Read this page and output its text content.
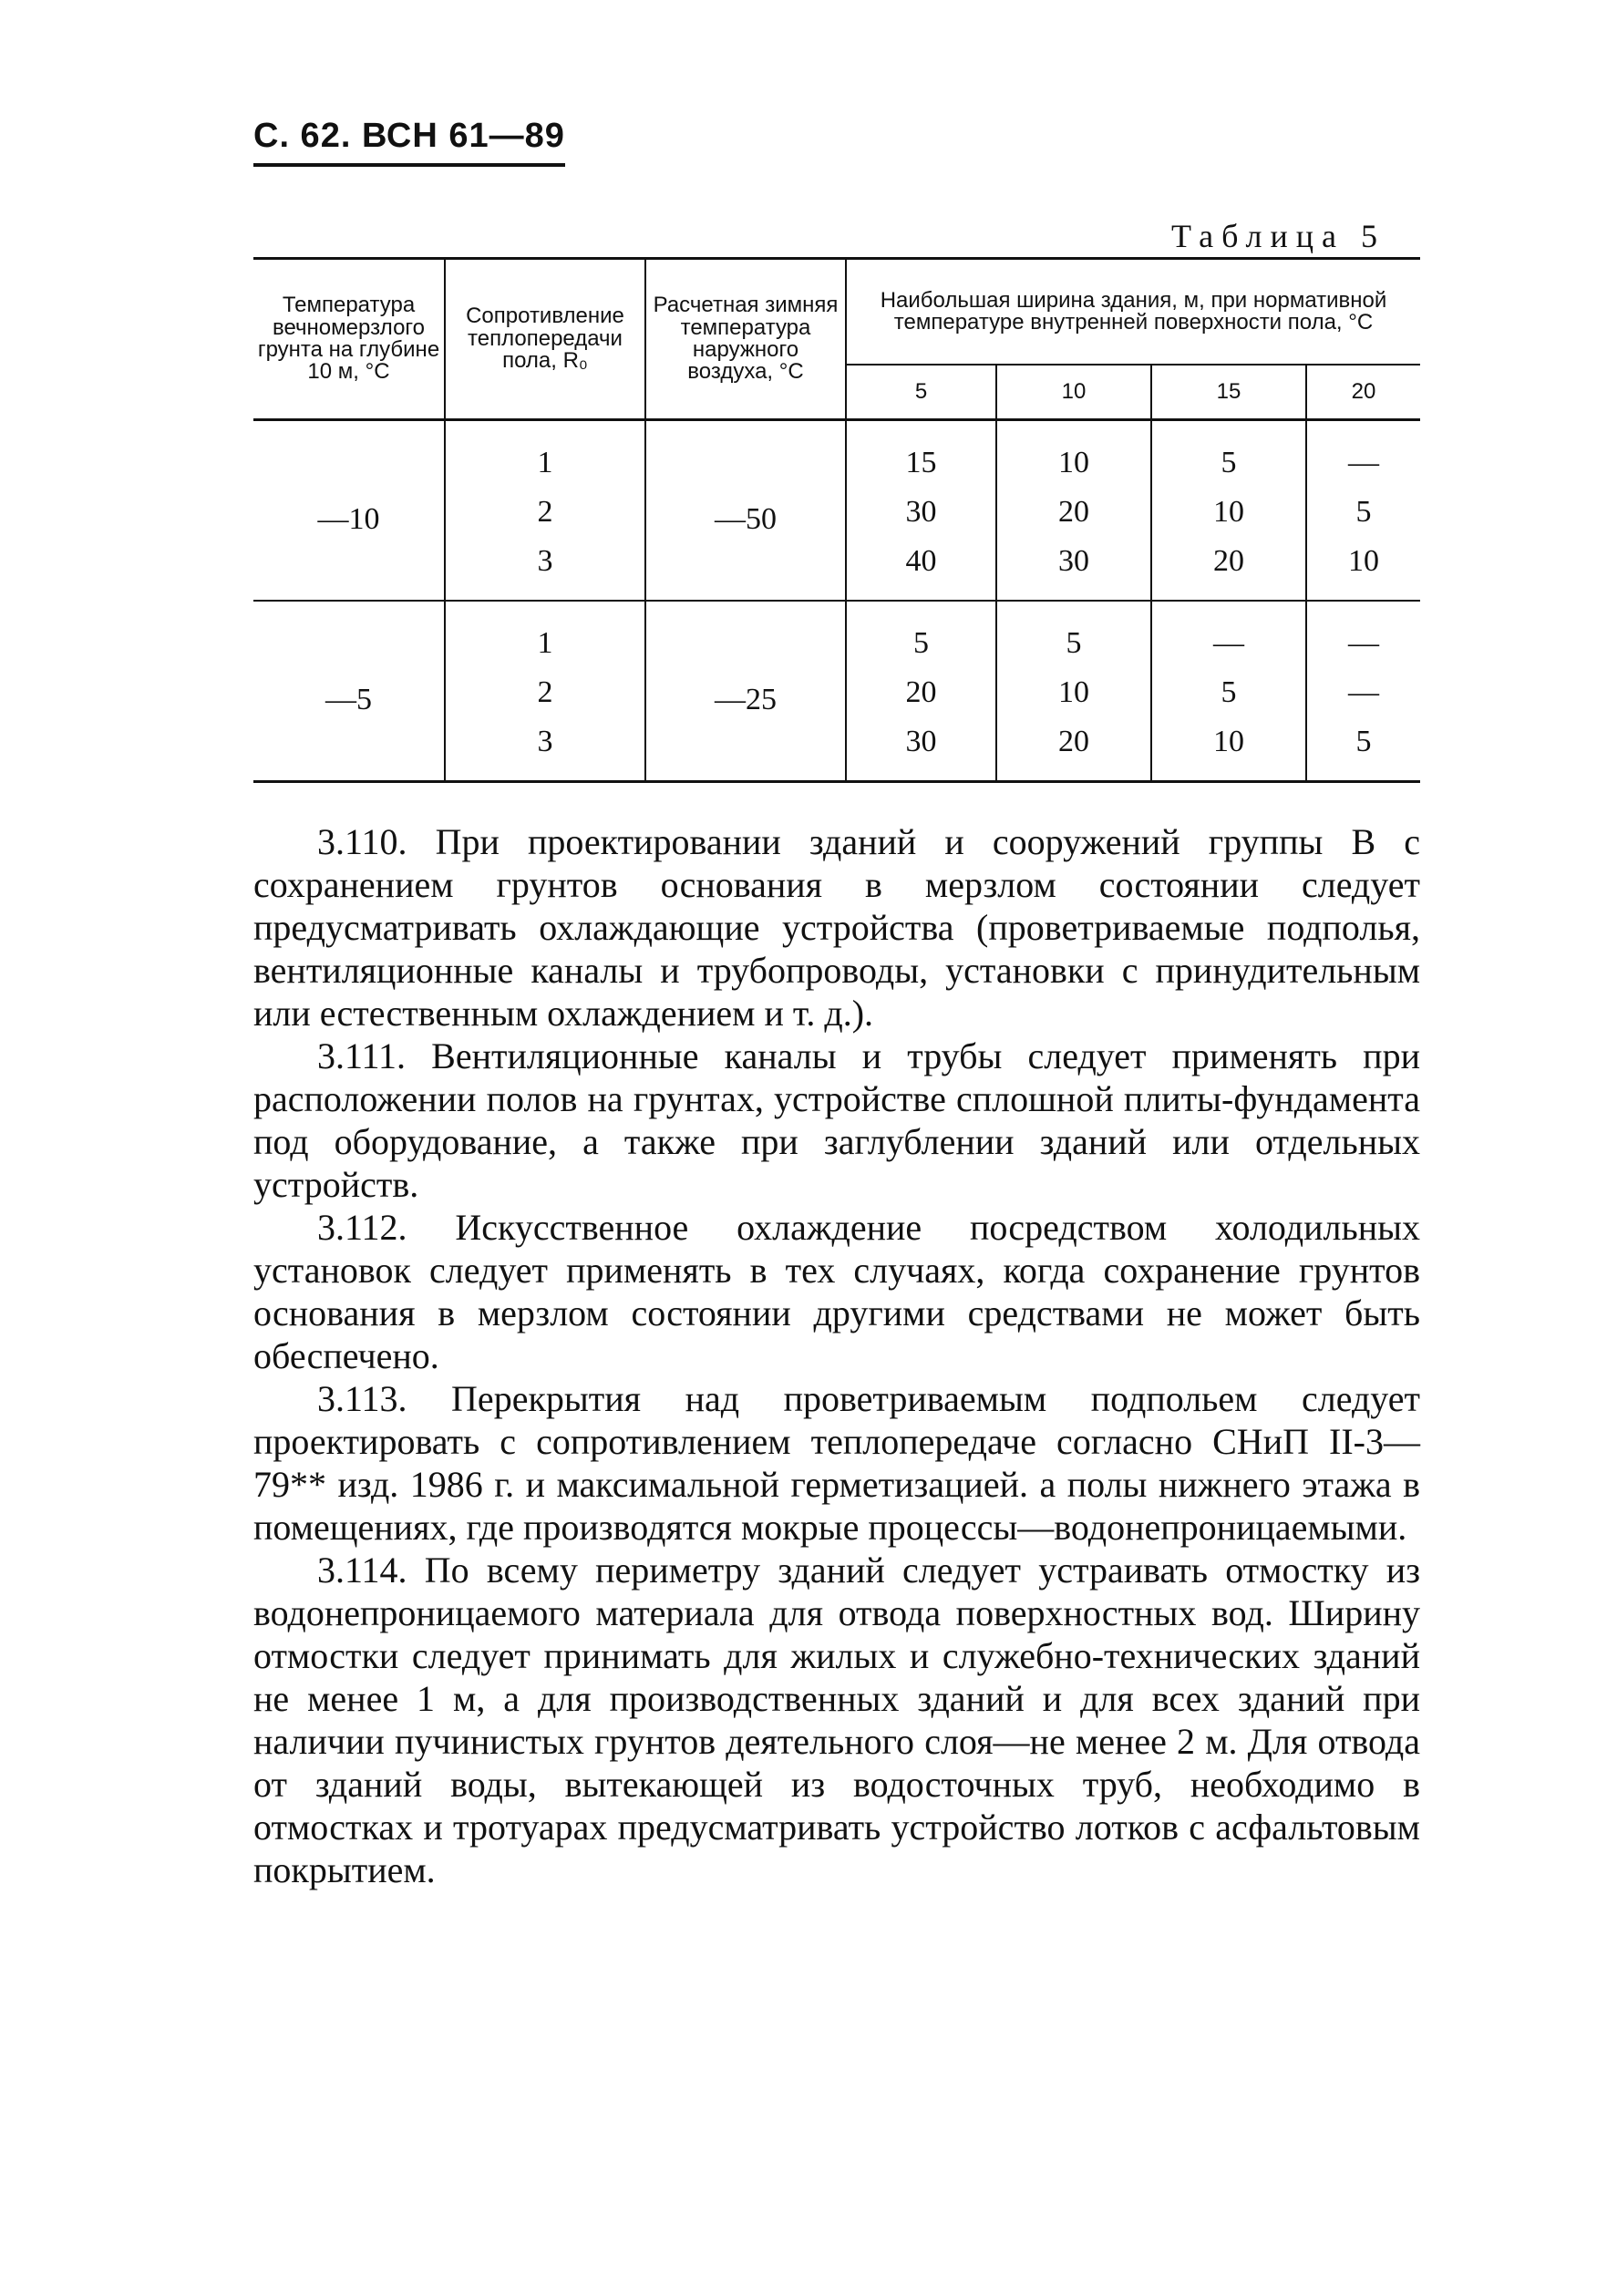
С. 62. ВСН 61—89
Таблица 5
Температура вечномерзлого грунта на глубине 10 м, °С	Сопротивление теплопередачи пола, R₀	Расчетная зимняя температура наружного воздуха, °С	Наибольшая ширина здания, м, при нормативной температуре внутренней поверхности пола, °С			
			5	10	15	20
—10	1	—50	15	10	5	—
	2		30	20	10	5
	3		40	30	20	10
—5	1	—25	5	5	—	—
	2		20	10	5	—
	3		30	20	10	5

3.110. При проектировании зданий и сооружений группы В с сохранением грунтов основания в мерзлом состоянии следует предусматривать охлаждающие устройства (проветриваемые подполья, вентиляционные каналы и трубопроводы, установки с принудительным или естественным охлаждением и т. д.).

3.111. Вентиляционные каналы и трубы следует применять при расположении полов на грунтах, устройстве сплошной плиты-фундамента под оборудование, а также при заглублении зданий или отдельных устройств.

3.112. Искусственное охлаждение посредством холодильных установок следует применять в тех случаях, когда сохранение грунтов основания в мерзлом состоянии другими средствами не может быть обеспечено.

3.113. Перекрытия над проветриваемым подпольем следует проектировать с сопротивлением теплопередаче согласно СНиП II-3—79** изд. 1986 г. и максимальной герметизацией. а полы нижнего этажа в помещениях, где производятся мокрые процессы—водонепроницаемыми.

3.114. По всему периметру зданий следует устраивать отмостку из водонепроницаемого материала для отвода поверхностных вод. Ширину отмостки следует принимать для жилых и служебно-технических зданий не менее 1 м, а для производственных зданий и для всех зданий при наличии пучинистых грунтов деятельного слоя—не менее 2 м. Для отвода от зданий воды, вытекающей из водосточных труб, необходимо в отмостках и тротуарах предусматривать устройство лотков с асфальтовым покрытием.
